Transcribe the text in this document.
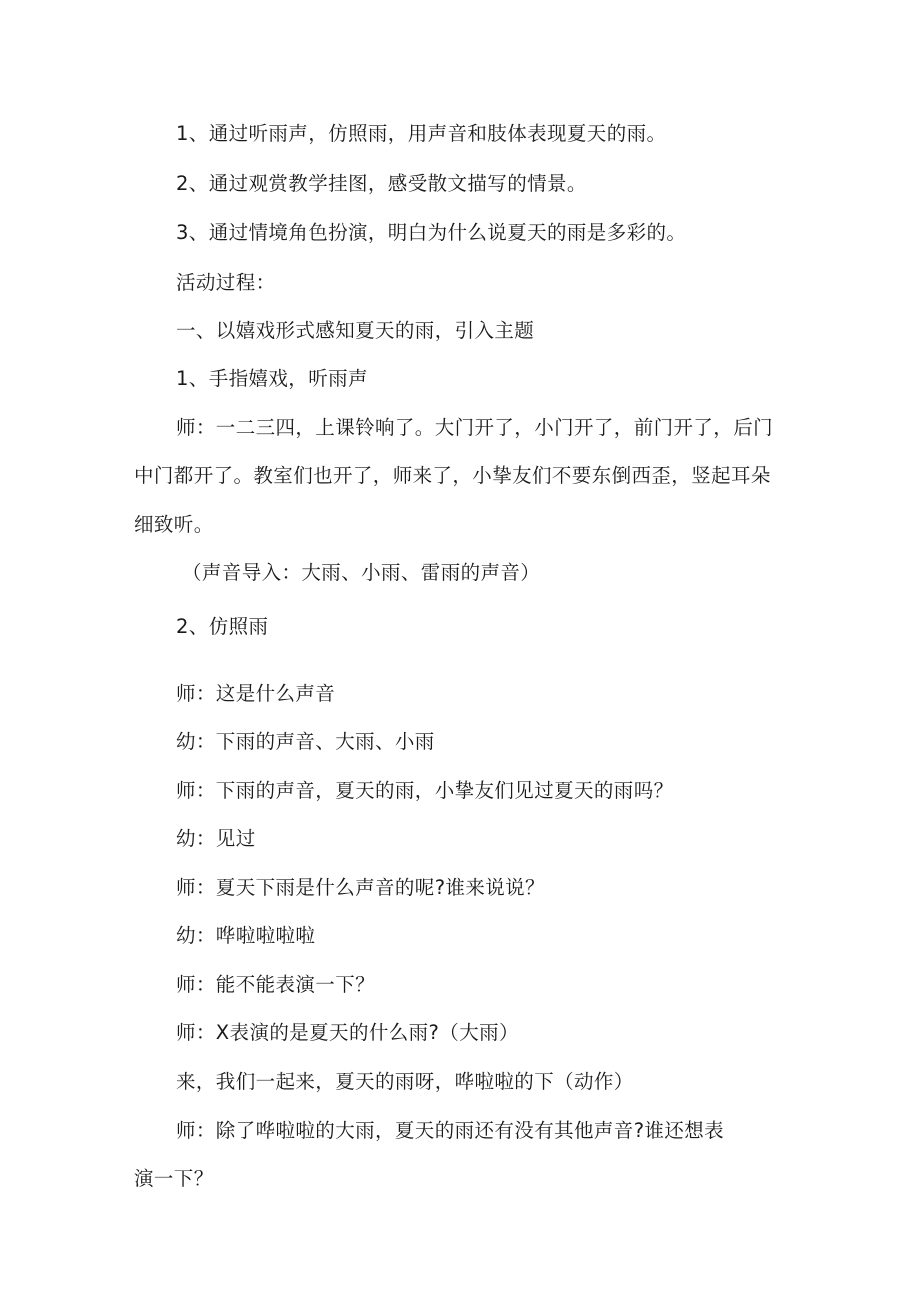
1、通过听雨声，仿照雨，用声音和肢体表现夏天的雨。
2、通过观赏教学挂图，感受散文描写的情景。
3、通过情境角色扮演，明白为什么说夏天的雨是多彩的。
活动过程：
一、以嬉戏形式感知夏天的雨，引入主题
1、手指嬉戏，听雨声
师：一二三四，上课铃响了。大门开了，小门开了，前门开了，后门
中门都开了。教室们也开了，师来了，小挚友们不要东倒西歪，竖起耳朵
细致听。
（声音导入：大雨、小雨、雷雨的声音）
2、仿照雨
师：这是什么声音
幼：下雨的声音、大雨、小雨
师：下雨的声音，夏天的雨，小挚友们见过夏天的雨吗？
幼：见过
师：夏天下雨是什么声音的呢?谁来说说？
幼：哗啦啦啦啦
师：能不能表演一下？
师：X表演的是夏天的什么雨?（大雨）
来，我们一起来，夏天的雨呀，哗啦啦的下（动作）
师：除了哗啦啦的大雨，夏天的雨还有没有其他声音?谁还想表
演一下？
